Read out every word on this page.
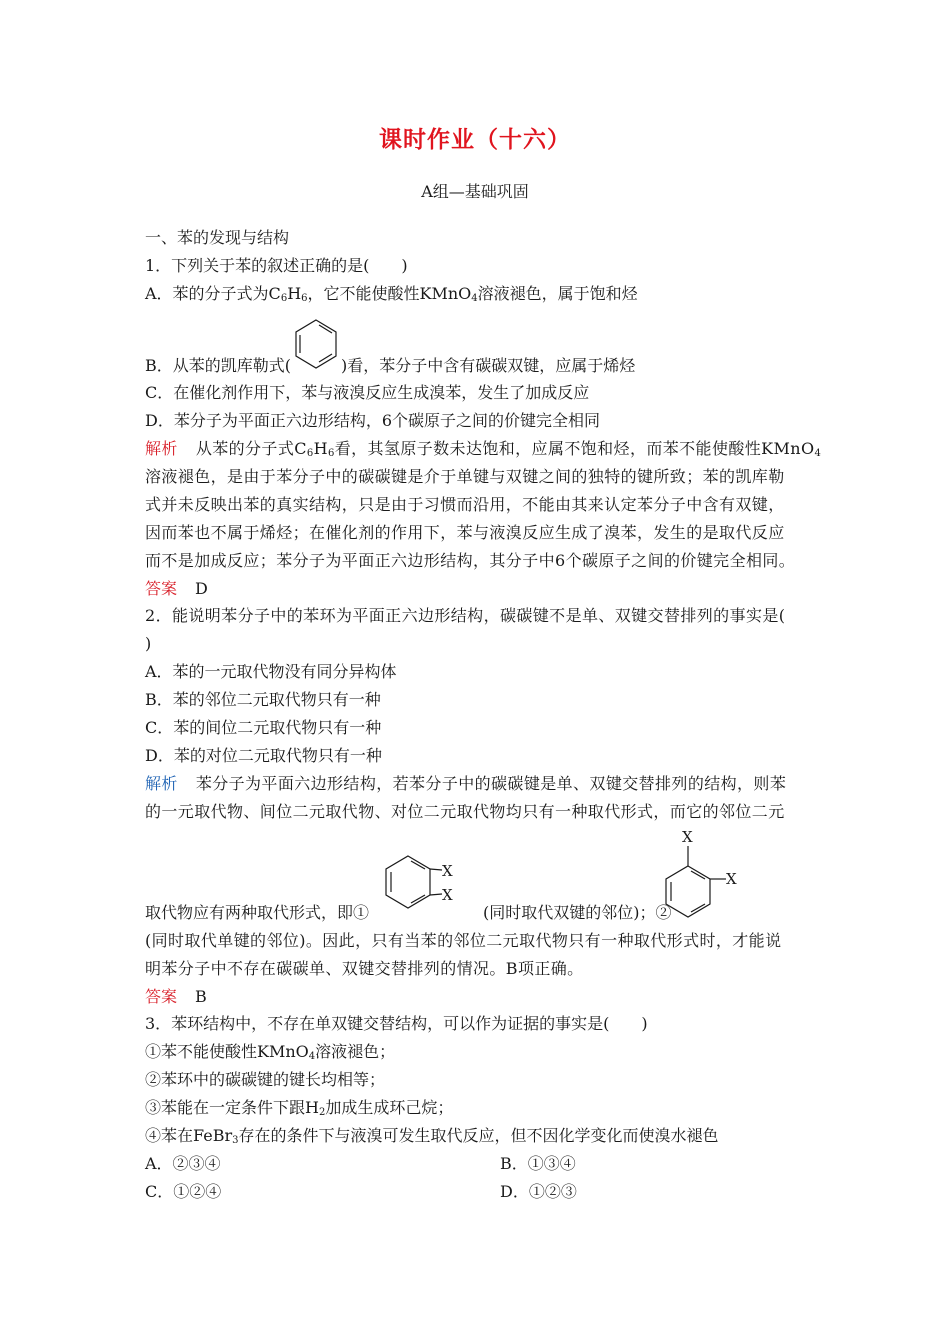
课时作业（十六）
A组—基础巩固
一、苯的发现与结构
1．下列关于苯的叙述正确的是(　　)
A．苯的分子式为$C_6H_6$，它不能使酸性KMnO$_4$溶液褪色，属于饱和烃
B．从苯的凯库勒式(	)看，苯分子中含有碳碳双键，应属于烯烃
C．在催化剂作用下，苯与液溴反应生成溴苯，发生了加成反应
D．苯分子为平面正六边形结构，6个碳原子之间的价键完全相同
解析 从苯的分子式$C_6H_6$看，其氢原子数未达饱和，应属不饱和烃，而苯不能使酸性KMnO$_4$
溶液褪色，是由于苯分子中的碳碳键是介于单键与双键之间的独特的键所致；苯的凯库勒
式并未反映出苯的真实结构，只是由于习惯而沿用，不能由其来认定苯分子中含有双键，
因而苯也不属于烯烃；在催化剂的作用下，苯与液溴反应生成了溴苯，发生的是取代反应
而不是加成反应；苯分子为平面正六边形结构，其分子中6个碳原子之间的价键完全相同。
答案 D
2．能说明苯分子中的苯环为平面正六边形结构，碳碳键不是单、双键交替排列的事实是(
)
A．苯的一元取代物没有同分异构体
B．苯的邻位二元取代物只有一种
C．苯的间位二元取代物只有一种
D．苯的对位二元取代物只有一种
解析 苯分子为平面六边形结构，若苯分子中的碳碳键是单、双键交替排列的结构，则苯
的一元取代物、间位二元取代物、对位二元取代物均只有一种取代形式，而它的邻位二元
取代物应有两种取代形式，即①	(同时取代双键的邻位)；②
X
X
X
X
(同时取代单键的邻位)。因此，只有当苯的邻位二元取代物只有一种取代形式时，才能说
明苯分子中不存在碳碳单、双键交替排列的情况。B项正确。
答案 B
3．苯环结构中，不存在单双键交替结构，可以作为证据的事实是(　　)
①苯不能使酸性KMnO$_4$溶液褪色；
②苯环中的碳碳键的键长均相等；
③苯能在一定条件下跟$H_2$加成生成环己烷；
④苯在FeBr$_3$存在的条件下与液溴可发生取代反应，但不因化学变化而使溴水褪色
A．②③④	B．①③④
C．①②④	D．①②③
